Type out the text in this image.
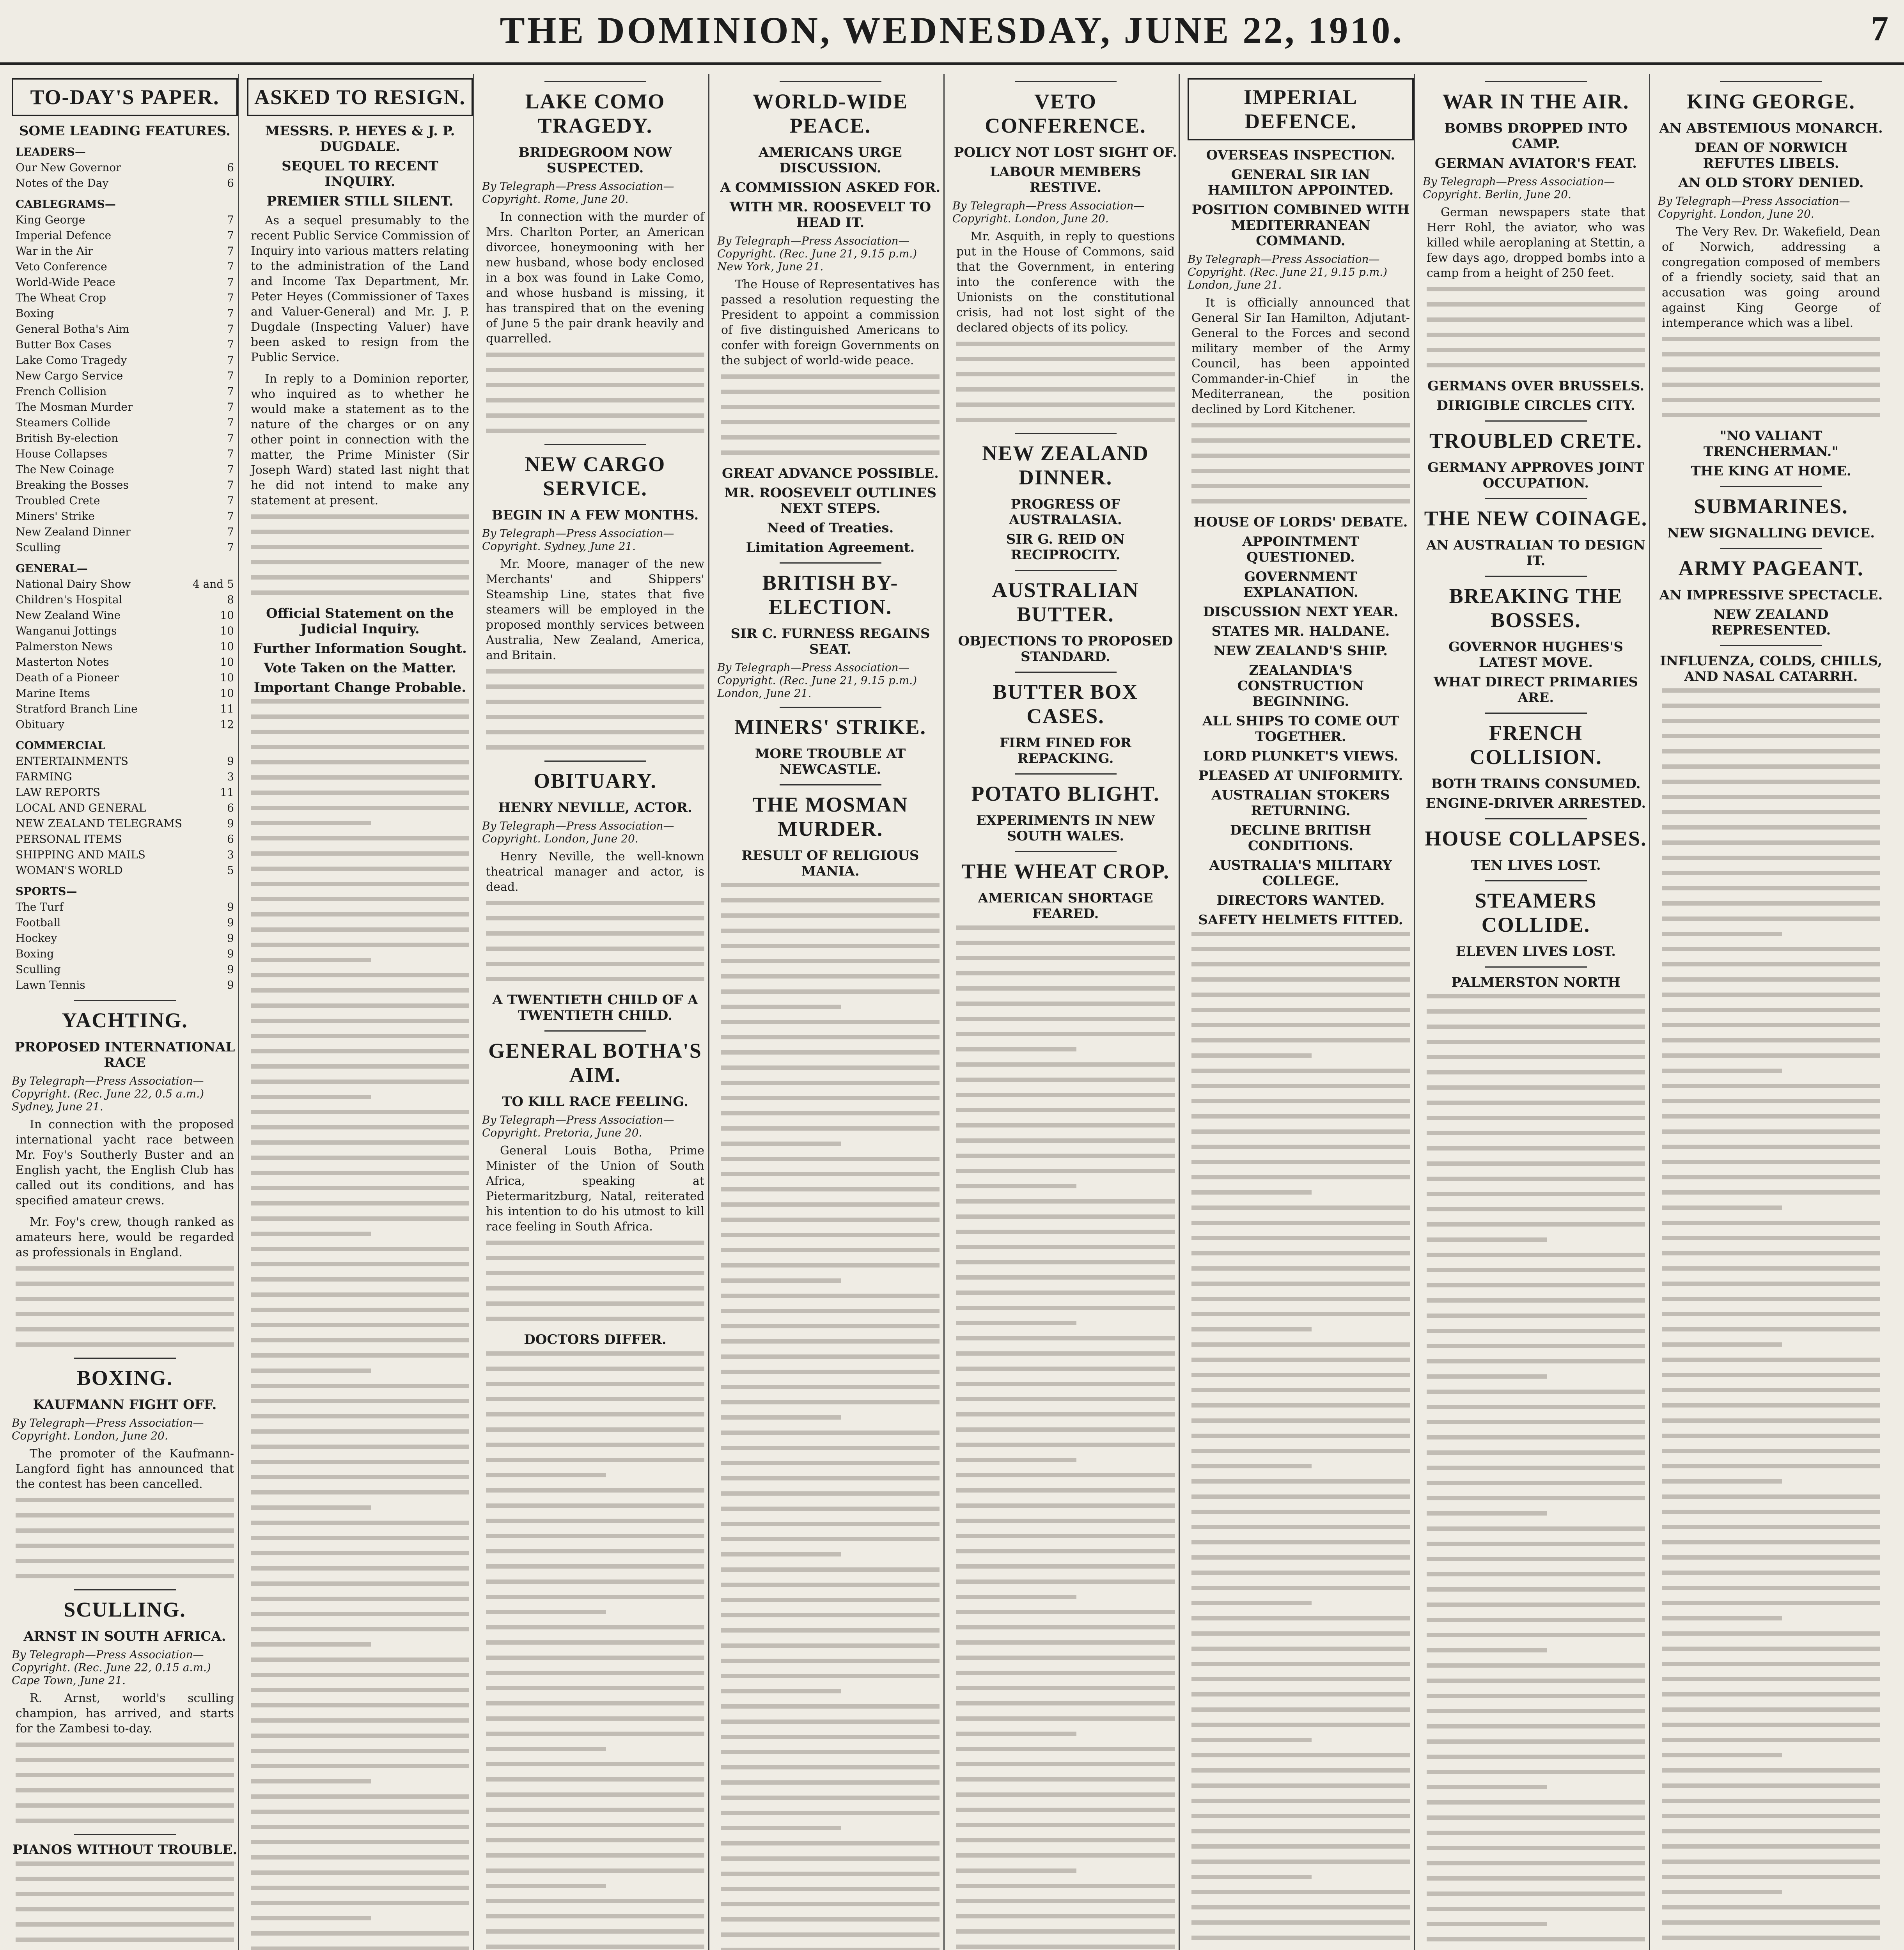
THE DOMINION, WEDNESDAY, JUNE 22, 1910.	7
TO-DAY'S PAPER.
SOME LEADING FEATURES.
LEADERS—
Our New Governor	6
Notes of the Day	6
CABLEGRAMS—
King George	7
Imperial Defence	7
War in the Air	7
Veto Conference	7
World-Wide Peace	7
The Wheat Crop	7
Boxing	7
General Botha's Aim	7
Butter Box Cases	7
Lake Como Tragedy	7
New Cargo Service	7
French Collision	7
The Mosman Murder	7
Steamers Collide	7
British By-election	7
House Collapses	7
The New Coinage	7
Breaking the Bosses	7
Troubled Crete	7
Miners' Strike	7
New Zealand Dinner	7
Sculling	7
GENERAL—
National Dairy Show	4 and 5
Children's Hospital	8
New Zealand Wine	10
Wanganui Jottings	10
Palmerston News	10
Masterton Notes	10
Death of a Pioneer	10
Marine Items	10
Stratford Branch Line	11
Obituary	12
COMMERCIAL
ENTERTAINMENTS	9
FARMING	3
LAW REPORTS	11
LOCAL AND GENERAL	6
NEW ZEALAND TELEGRAMS	9
PERSONAL ITEMS	6
SHIPPING AND MAILS	3
WOMAN'S WORLD	5
SPORTS—
The Turf	9
Football	9
Hockey	9
Boxing	9
Sculling	9
Lawn Tennis	9
YACHTING.
PROPOSED INTERNATIONAL RACE
By Telegraph—Press Association—Copyright. (Rec. June 22, 0.5 a.m.) Sydney, June 21.

In connection with the proposed international yacht race between Mr. Foy's Southerly Buster and an English yacht, the English Club has called out its conditions, and has specified amateur crews.

Mr. Foy's crew, though ranked as amateurs here, would be regarded as professionals in England.

BOXING.
KAUFMANN FIGHT OFF.
By Telegraph—Press Association—Copyright. London, June 20.

The promoter of the Kaufmann-Langford fight has announced that the contest has been cancelled.

SCULLING.
ARNST IN SOUTH AFRICA.
By Telegraph—Press Association—Copyright. (Rec. June 22, 0.15 a.m.) Cape Town, June 21.

R. Arnst, world's sculling champion, has arrived, and starts for the Zambesi to-day.

PIANOS WITHOUT TROUBLE.
ASKED TO RESIGN.
MESSRS. P. HEYES & J. P. DUGDALE.
SEQUEL TO RECENT INQUIRY.
PREMIER STILL SILENT.

As a sequel presumably to the recent Public Service Commission of Inquiry into various matters relating to the administration of the Land and Income Tax Department, Mr. Peter Heyes (Commissioner of Taxes and Valuer-General) and Mr. J. P. Dugdale (Inspecting Valuer) have been asked to resign from the Public Service.

In reply to a Dominion reporter, who inquired as to whether he would make a statement as to the nature of the charges or on any other point in connection with the matter, the Prime Minister (Sir Joseph Ward) stated last night that he did not intend to make any statement at present.

Official Statement on the Judicial Inquiry.
Further Information Sought.
Vote Taken on the Matter.
Important Change Probable.
LAKE COMO TRAGEDY.
BRIDEGROOM NOW SUSPECTED.
By Telegraph—Press Association—Copyright. Rome, June 20.

In connection with the murder of Mrs. Charlton Porter, an American divorcee, honeymooning with her new husband, whose body enclosed in a box was found in Lake Como, and whose husband is missing, it has transpired that on the evening of June 5 the pair drank heavily and quarrelled.

NEW CARGO SERVICE.
BEGIN IN A FEW MONTHS.
By Telegraph—Press Association—Copyright. Sydney, June 21.

Mr. Moore, manager of the new Merchants' and Shippers' Steamship Line, states that five steamers will be employed in the proposed monthly services between Australia, New Zealand, America, and Britain.

OBITUARY.
HENRY NEVILLE, ACTOR.
By Telegraph—Press Association—Copyright. London, June 20.

Henry Neville, the well-known theatrical manager and actor, is dead.

A TWENTIETH CHILD OF A TWENTIETH CHILD.
GENERAL BOTHA'S AIM.
TO KILL RACE FEELING.
By Telegraph—Press Association—Copyright. Pretoria, June 20.

General Louis Botha, Prime Minister of the Union of South Africa, speaking at Pietermaritzburg, Natal, reiterated his intention to do his utmost to kill race feeling in South Africa.

DOCTORS DIFFER.
WORLD-WIDE PEACE.
AMERICANS URGE DISCUSSION.
A COMMISSION ASKED FOR.
WITH MR. ROOSEVELT TO HEAD IT.
By Telegraph—Press Association—Copyright. (Rec. June 21, 9.15 p.m.) New York, June 21.

The House of Representatives has passed a resolution requesting the President to appoint a commission of five distinguished Americans to confer with foreign Governments on the subject of world-wide peace.

GREAT ADVANCE POSSIBLE.
MR. ROOSEVELT OUTLINES NEXT STEPS.
Need of Treaties.
Limitation Agreement.
BRITISH BY-ELECTION.
SIR C. FURNESS REGAINS SEAT.
By Telegraph—Press Association—Copyright. (Rec. June 21, 9.15 p.m.) London, June 21.
MINERS' STRIKE.
MORE TROUBLE AT NEWCASTLE.
THE MOSMAN MURDER.
RESULT OF RELIGIOUS MANIA.
VETO CONFERENCE.
POLICY NOT LOST SIGHT OF.
LABOUR MEMBERS RESTIVE.
By Telegraph—Press Association—Copyright. London, June 20.

Mr. Asquith, in reply to questions put in the House of Commons, said that the Government, in entering into the conference with the Unionists on the constitutional crisis, had not lost sight of the declared objects of its policy.

NEW ZEALAND DINNER.
PROGRESS OF AUSTRALASIA.
SIR G. REID ON RECIPROCITY.
AUSTRALIAN BUTTER.
OBJECTIONS TO PROPOSED STANDARD.
BUTTER BOX CASES.
FIRM FINED FOR REPACKING.
POTATO BLIGHT.
EXPERIMENTS IN NEW SOUTH WALES.
THE WHEAT CROP.
AMERICAN SHORTAGE FEARED.
IMPERIAL DEFENCE.
OVERSEAS INSPECTION.
GENERAL SIR IAN HAMILTON APPOINTED.
POSITION COMBINED WITH MEDITERRANEAN COMMAND.
By Telegraph—Press Association—Copyright. (Rec. June 21, 9.15 p.m.) London, June 21.

It is officially announced that General Sir Ian Hamilton, Adjutant-General to the Forces and second military member of the Army Council, has been appointed Commander-in-Chief in the Mediterranean, the position declined by Lord Kitchener.

HOUSE OF LORDS' DEBATE.
APPOINTMENT QUESTIONED.
GOVERNMENT EXPLANATION.
DISCUSSION NEXT YEAR.
STATES MR. HALDANE.
NEW ZEALAND'S SHIP.
ZEALANDIA'S CONSTRUCTION BEGINNING.
ALL SHIPS TO COME OUT TOGETHER.
LORD PLUNKET'S VIEWS.
PLEASED AT UNIFORMITY.
AUSTRALIAN STOKERS RETURNING.
DECLINE BRITISH CONDITIONS.
AUSTRALIA'S MILITARY COLLEGE.
DIRECTORS WANTED.
SAFETY HELMETS FITTED.
WAR IN THE AIR.
BOMBS DROPPED INTO CAMP.
GERMAN AVIATOR'S FEAT.
By Telegraph—Press Association—Copyright. Berlin, June 20.

German newspapers state that Herr Rohl, the aviator, who was killed while aeroplaning at Stettin, a few days ago, dropped bombs into a camp from a height of 250 feet.

GERMANS OVER BRUSSELS.
DIRIGIBLE CIRCLES CITY.
TROUBLED CRETE.
GERMANY APPROVES JOINT OCCUPATION.
THE NEW COINAGE.
AN AUSTRALIAN TO DESIGN IT.
BREAKING THE BOSSES.
GOVERNOR HUGHES'S LATEST MOVE.
WHAT DIRECT PRIMARIES ARE.
FRENCH COLLISION.
BOTH TRAINS CONSUMED.
ENGINE-DRIVER ARRESTED.
HOUSE COLLAPSES.
TEN LIVES LOST.
STEAMERS COLLIDE.
ELEVEN LIVES LOST.
PALMERSTON NORTH
KING GEORGE.
AN ABSTEMIOUS MONARCH.
DEAN OF NORWICH REFUTES LIBELS.
AN OLD STORY DENIED.
By Telegraph—Press Association—Copyright. London, June 20.

The Very Rev. Dr. Wakefield, Dean of Norwich, addressing a congregation composed of members of a friendly society, said that an accusation was going around against King George of intemperance which was a libel.

"NO VALIANT TRENCHERMAN."
THE KING AT HOME.
SUBMARINES.
NEW SIGNALLING DEVICE.
ARMY PAGEANT.
AN IMPRESSIVE SPECTACLE.
NEW ZEALAND REPRESENTED.
INFLUENZA, COLDS, CHILLS, AND NASAL CATARRH.
